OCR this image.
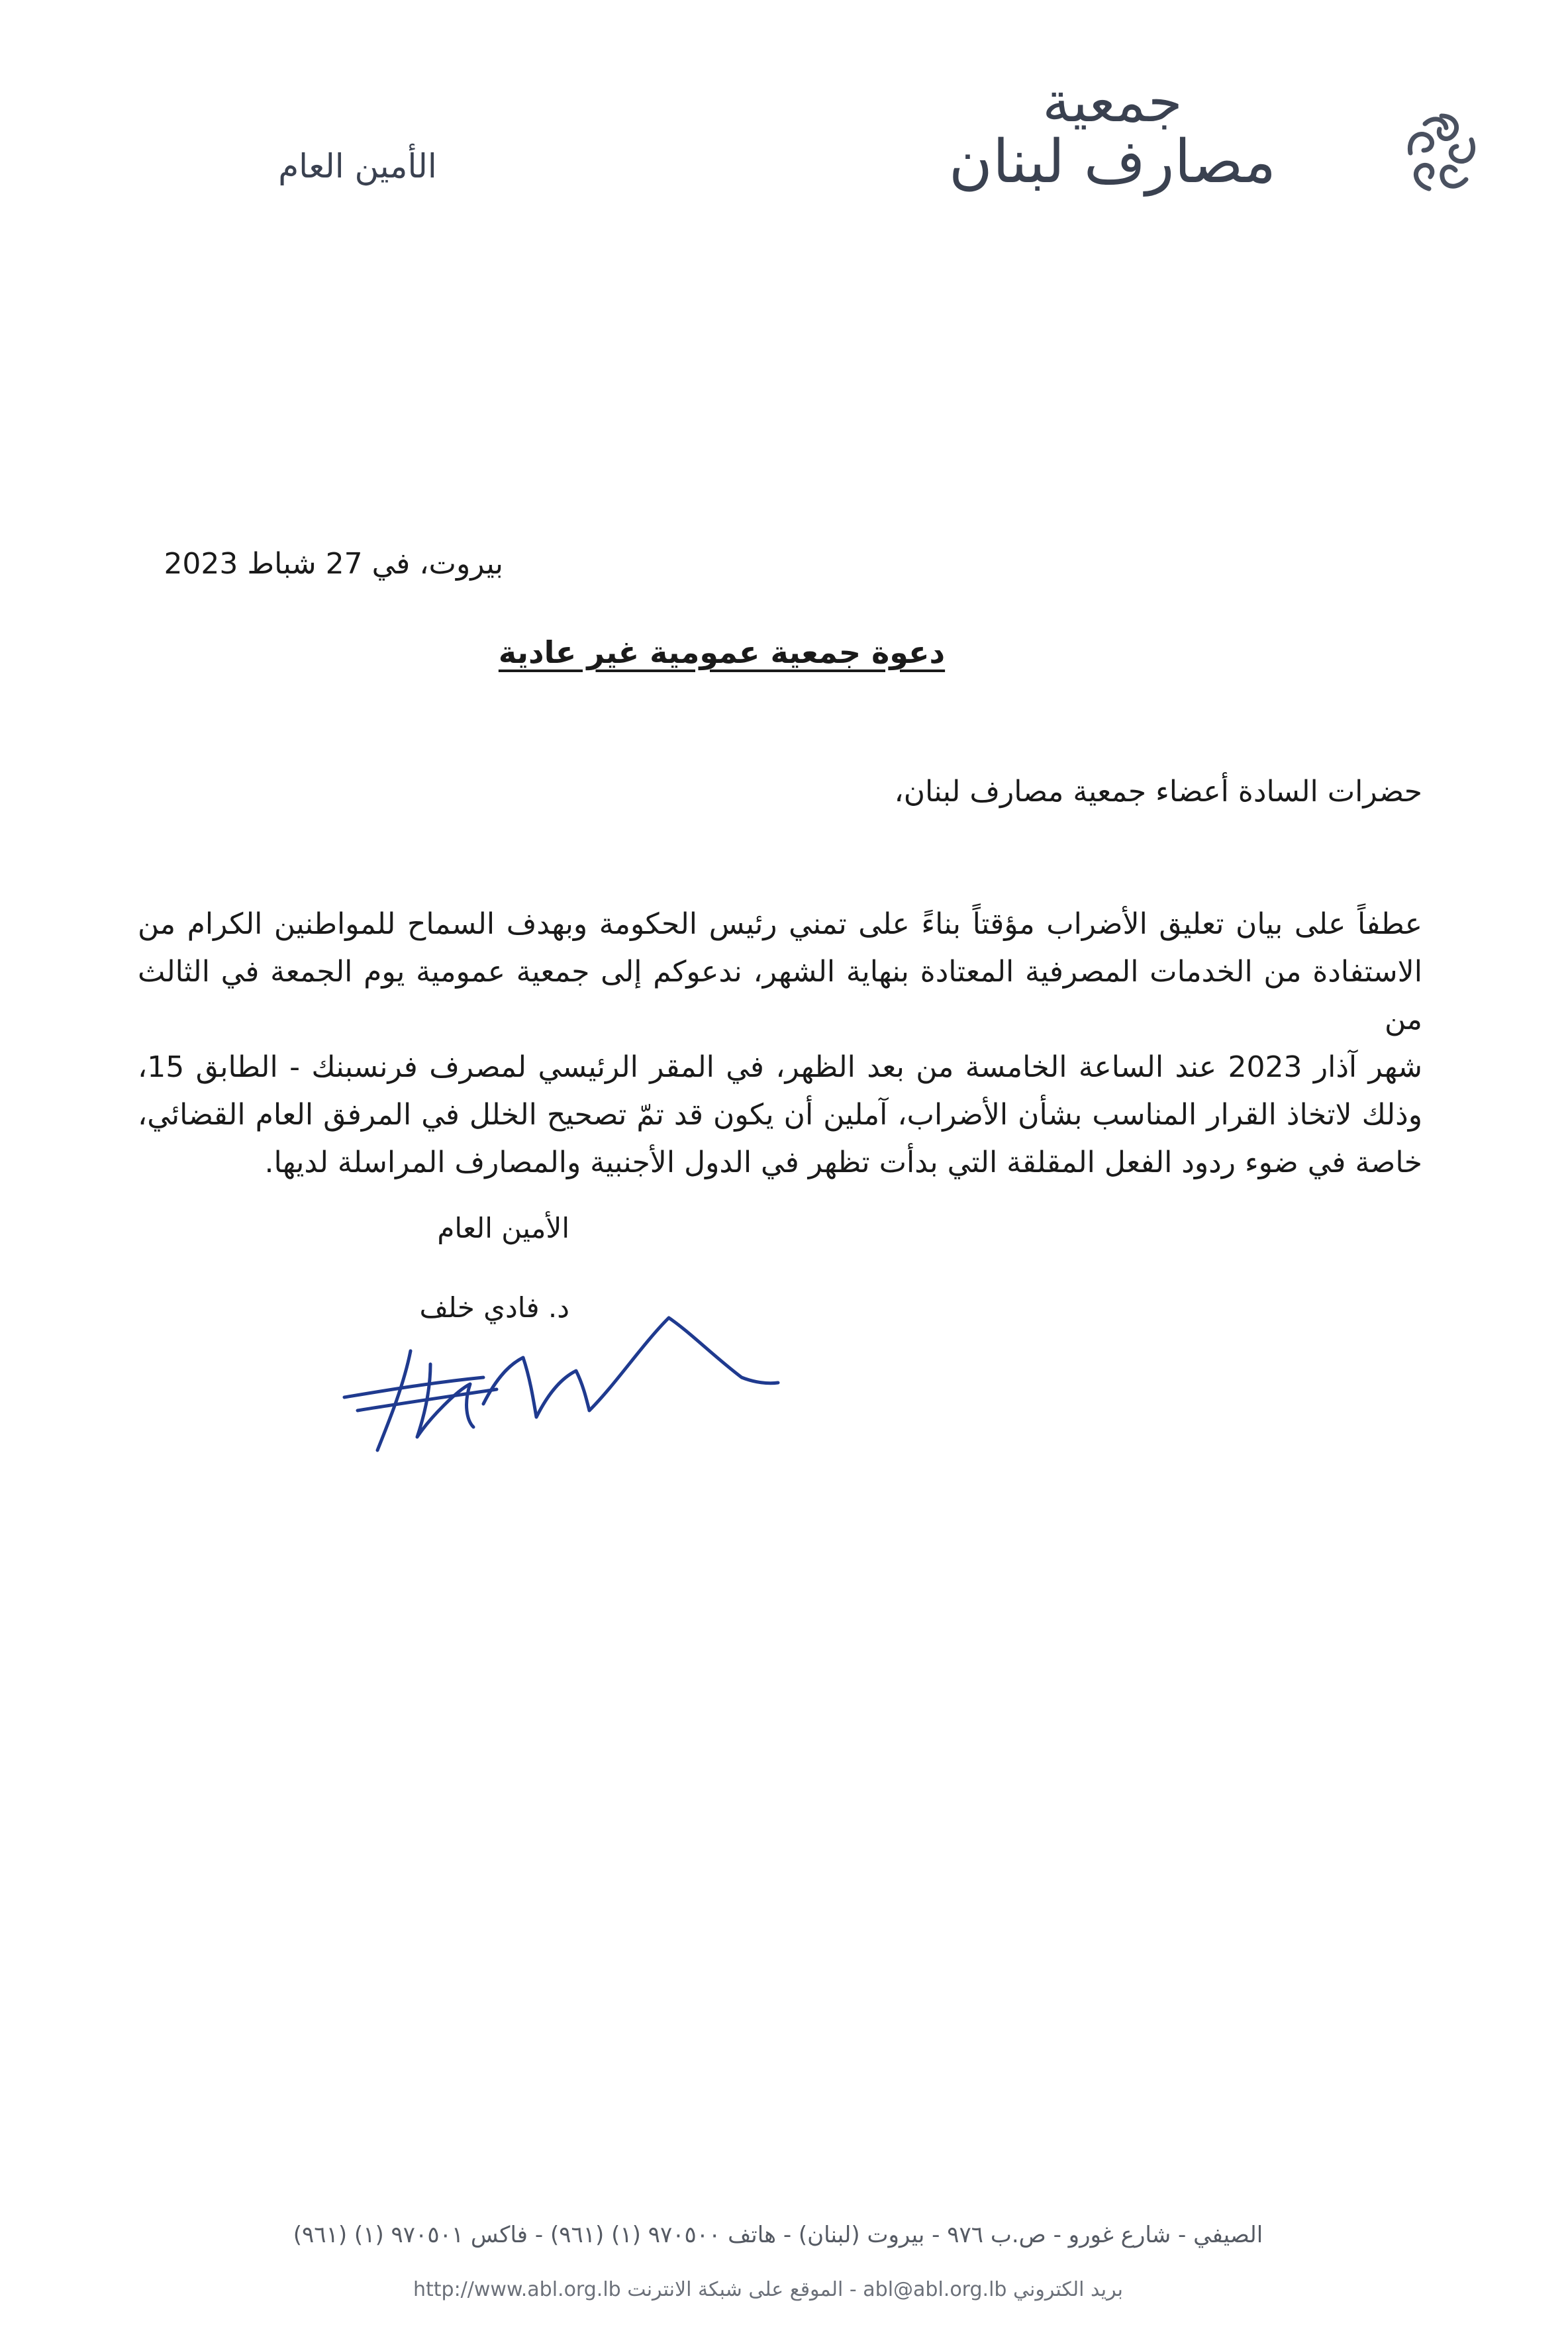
جمعية
مصارف لبنان
الأمين العام
بيروت، في 27 شباط 2023
دعوة جمعية عمومية غير عادية
حضرات السادة أعضاء جمعية مصارف لبنان،
عطفاً على بيان تعليق الأضراب مؤقتاً بناءً على تمني رئيس الحكومة وبهدف السماح للمواطنين الكرام من
الاستفادة من الخدمات المصرفية المعتادة بنهاية الشهر، ندعوكم إلى جمعية عمومية يوم الجمعة في الثالث من
شهر آذار 2023 عند الساعة الخامسة من بعد الظهر، في المقر الرئيسي لمصرف فرنسبنك - الطابق 15،
وذلك لاتخاذ القرار المناسب بشأن الأضراب، آملين أن يكون قد تمّ تصحيح الخلل في المرفق العام القضائي،
خاصة في ضوء ردود الفعل المقلقة التي بدأت تظهر في الدول الأجنبية والمصارف المراسلة لديها.
الأمين العام
د. فادي خلف
الصيفي - شارع غورو - ص.ب ٩٧٦ - بيروت (لبنان) - هاتف ٩٧٠٥٠٠ (١) (٩٦١) - فاكس ٩٧٠٥٠١ (١) (٩٦١)
بريد الكتروني abl@abl.org.lb - الموقع على شبكة الانترنت http://www.abl.org.lb
